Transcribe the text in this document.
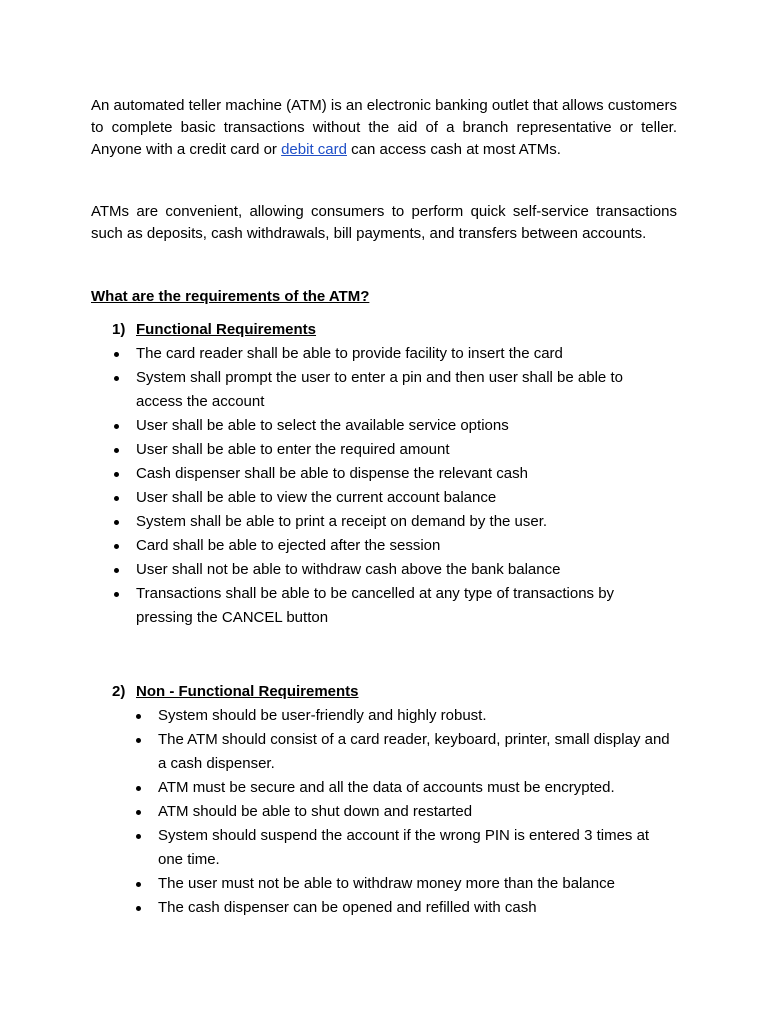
An automated teller machine (ATM) is an electronic banking outlet that allows customers to complete basic transactions without the aid of a branch representative or teller. Anyone with a credit card or debit card can access cash at most ATMs.

ATMs are convenient, allowing consumers to perform quick self-service transactions such as deposits, cash withdrawals, bill payments, and transfers between accounts.

What are the requirements of the ATM?

1) Functional Requirements
The card reader shall be able to provide facility to insert the card
System shall prompt the user to enter a pin and then user shall be able to access the account
User shall be able to select the available service options
User shall be able to enter the required amount
Cash dispenser shall be able to dispense the relevant cash
User shall be able to view the current account balance
System shall be able to print a receipt on demand by the user.
Card shall be able to ejected after the session
User shall not be able to withdraw cash above the bank balance
Transactions shall be able to be cancelled at any type of transactions by pressing the CANCEL button
2) Non - Functional Requirements
System should be user-friendly and highly robust.
The ATM should consist of a card reader, keyboard, printer, small display and a cash dispenser.
ATM must be secure and all the data of accounts must be encrypted.
ATM should be able to shut down and restarted
System should suspend the account if the wrong PIN is entered 3 times at one time.
The user must not be able to withdraw money more than the balance
The cash dispenser can be opened and refilled with cash
